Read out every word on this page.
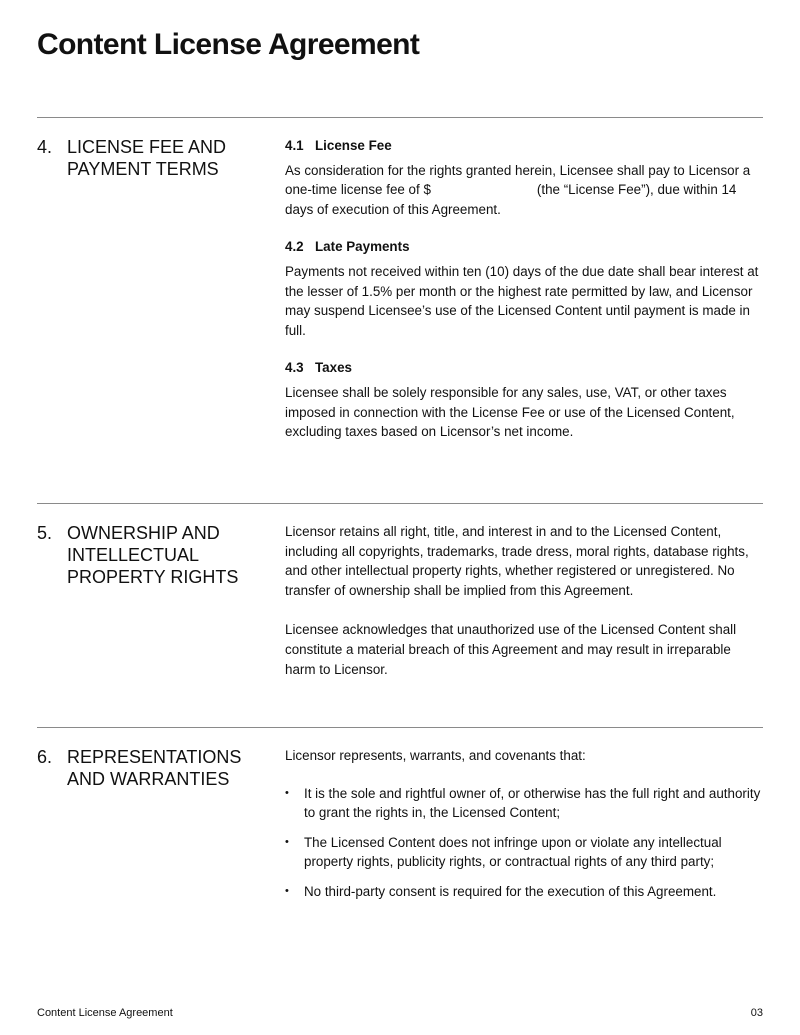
Content License Agreement
4. LICENSE FEE AND PAYMENT TERMS
4.1 License Fee

As consideration for the rights granted herein, Licensee shall pay to Licensor a one-time license fee of $	(the “License Fee”), due within 14 days of execution of this Agreement.

4.2 Late Payments

Payments not received within ten (10) days of the due date shall bear interest at the lesser of 1.5% per month or the highest rate permitted by law, and Licensor may suspend Licensee’s use of the Licensed Content until payment is made in full.

4.3 Taxes

Licensee shall be solely responsible for any sales, use, VAT, or other taxes imposed in connection with the License Fee or use of the Licensed Content, excluding taxes based on Licensor’s net income.

5. OWNERSHIP AND INTELLECTUAL PROPERTY RIGHTS

Licensor retains all right, title, and interest in and to the Licensed Content, including all copyrights, trademarks, trade dress, moral rights, database rights, and other intellectual property rights, whether registered or unregistered. No transfer of ownership shall be implied from this Agreement.

Licensee acknowledges that unauthorized use of the Licensed Content shall constitute a material breach of this Agreement and may result in irreparable harm to Licensor.

6. REPRESENTATIONS AND WARRANTIES

Licensor represents, warrants, and covenants that:

• It is the sole and rightful owner of, or otherwise has the full right and authority to grant the rights in, the Licensed Content;
• The Licensed Content does not infringe upon or violate any intellectual property rights, publicity rights, or contractual rights of any third party;
• No third-party consent is required for the execution of this Agreement.
Content License Agreement	03
